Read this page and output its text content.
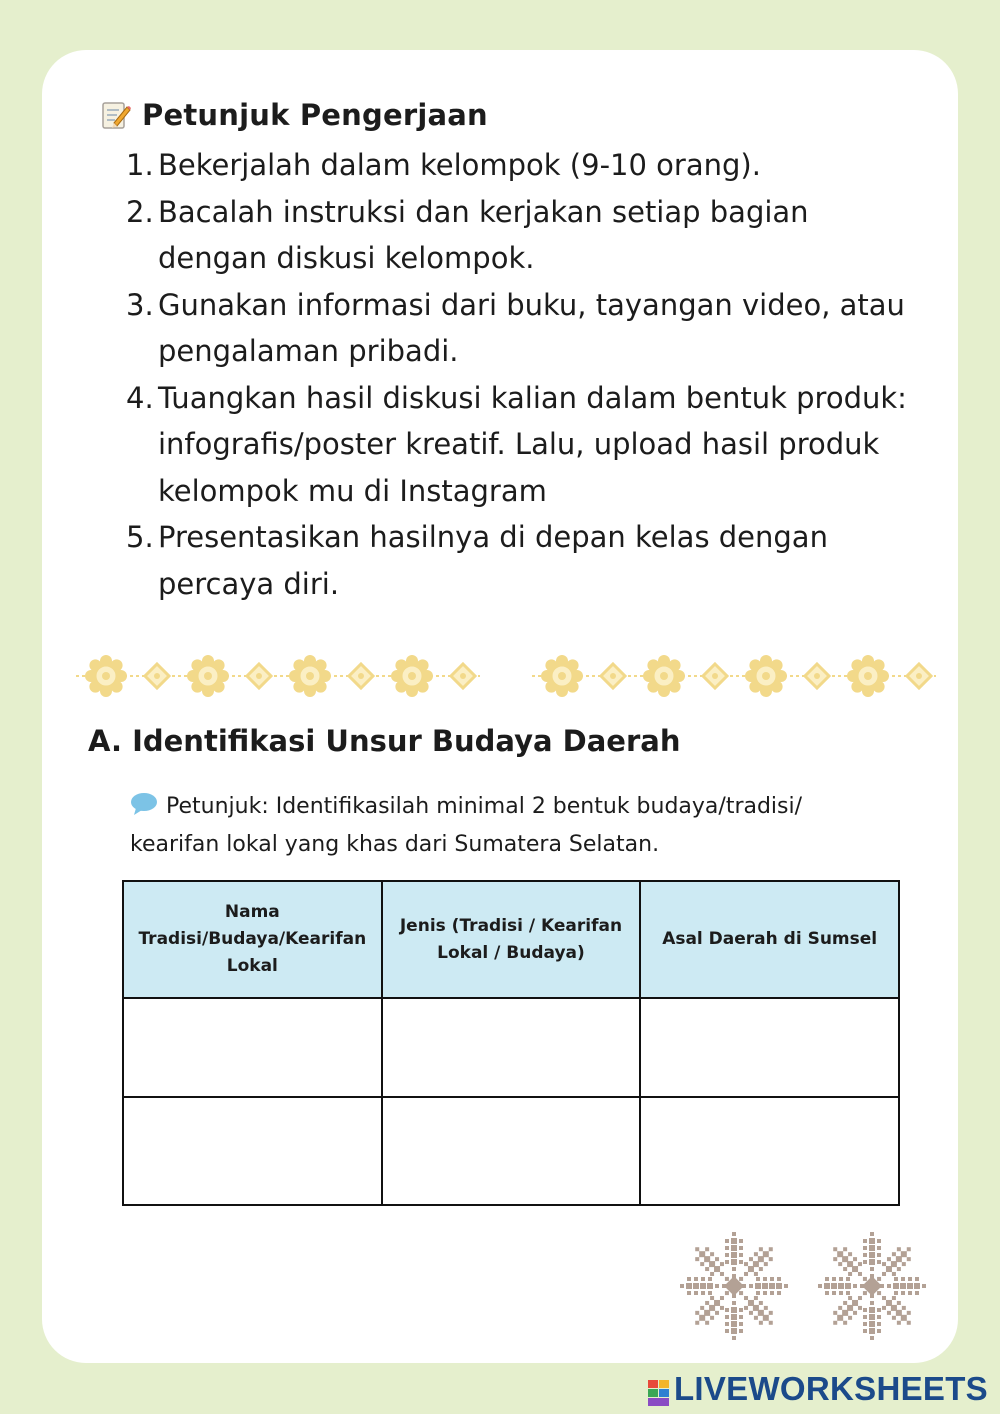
Petunjuk Pengerjaan
1. Bekerjalah dalam kelompok (9-10 orang).
2. Bacalah instruksi dan kerjakan setiap bagian
dengan diskusi kelompok.
3. Gunakan informasi dari buku, tayangan video, atau
pengalaman pribadi.
4. Tuangkan hasil diskusi kalian dalam bentuk produk:
infografis/poster kreatif. Lalu, upload hasil produk
kelompok mu di Instagram
5. Presentasikan hasilnya di depan kelas dengan
percaya diri.
A. Identifikasi Unsur Budaya Daerah
Petunjuk: Identifikasilah minimal 2 bentuk budaya/tradisi/
kearifan lokal yang khas dari Sumatera Selatan.
Nama
Tradisi/Budaya/Kearifan
Lokal	Jenis (Tradisi / Kearifan
Lokal / Budaya)	Asal Daerah di Sumsel

LIVEWORKSHEETS
